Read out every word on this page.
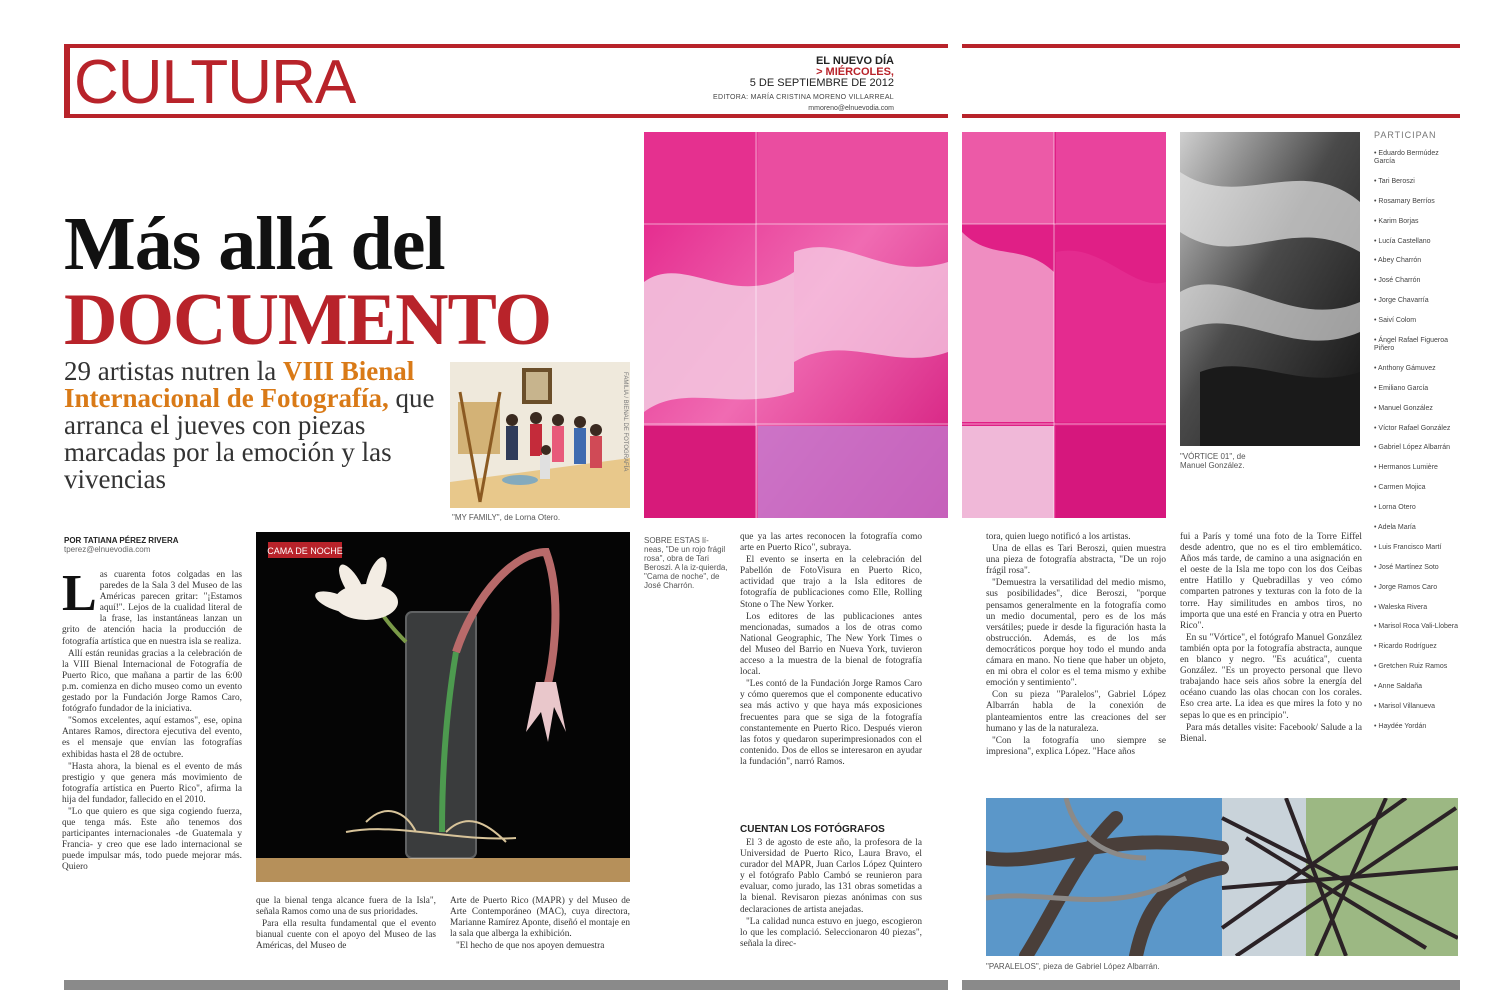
CULTURA	EL NUEVO DÍA
> MIÉRCOLES,
5 DE SEPTIEMBRE DE 2012
EDITORA: MARÍA CRISTINA MORENO VILLARREAL
mmoreno@elnuevodia.com
Más allá del
DOCUMENTO
29 artistas nutren la VIII Bienal Internacional de Fotografía, que arranca el jueves con piezas marcadas por la emoción y las vivencias
FAMILIA / BIENAL DE FOTOGRAFÍA
"MY FAMILY", de Lorna Otero.
"VÓRTICE 01", de Manuel González.
PARTICIPAN
• Eduardo Bermúdez García
• Tari Beroszi
• Rosamary Berríos
• Karim Borjas
• Lucía Castellano
• Abey Charrón
• José Charrón
• Jorge Chavarría
• Saiví Colom
• Ángel Rafael Figueroa Piñero
• Anthony Gámuvez
• Emiliano García
• Manuel González
• Víctor Rafael González
• Gabriel López Albarrán
• Hermanos Lumière
• Carmen Mojica
• Lorna Otero
• Adela María
• Luis Francisco Martí
• José Martínez Soto
• Jorge Ramos Caro
• Waleska Rivera
• Marisol Roca Vali-Llobera
• Ricardo Rodríguez
• Gretchen Ruiz Ramos
• Anne Saldaña
• Marisol Villanueva
• Haydée Yordán
POR TATIANA PÉREZ RIVERA
tperez@elnuevodia.com

Las cuarenta fotos colgadas en las paredes de la Sala 3 del Museo de las Américas parecen gritar: "¡Estamos aquí!". Lejos de la cualidad literal de la frase, las instantáneas lanzan un grito de atención hacia la producción de fotografía artística que en nuestra isla se realiza.

Allí están reunidas gracias a la celebración de la VIII Bienal Internacional de Fotografía de Puerto Rico, que mañana a partir de las 6:00 p.m. comienza en dicho museo como un evento gestado por la Fundación Jorge Ramos Caro, fotógrafo fundador de la iniciativa.

"Somos excelentes, aquí estamos", ese, opina Antares Ramos, directora ejecutiva del evento, es el mensaje que envían las fotografías exhibidas hasta el 28 de octubre.

"Hasta ahora, la bienal es el evento de más prestigio y que genera más movimiento de fotografía artística en Puerto Rico", afirma la hija del fundador, fallecido en el 2010.

"Lo que quiero es que siga cogiendo fuerza, que tenga más. Este año tenemos dos participantes internacionales -de Guatemala y Francia- y creo que ese lado internacional se puede impulsar más, todo puede mejorar más. Quiero

CAMA DE NOCHE

que la bienal tenga alcance fuera de la Isla", señala Ramos como una de sus prioridades.

Para ella resulta fundamental que el evento bianual cuente con el apoyo del Museo de las Américas, del Museo de

Arte de Puerto Rico (MAPR) y del Museo de Arte Contemporáneo (MAC), cuya directora, Marianne Ramírez Aponte, diseñó el montaje en la sala que alberga la exhibición.

"El hecho de que nos apoyen demuestra

SOBRE ESTAS lí-neas, "De un rojo frágil rosa", obra de Tari Beroszi. A la iz-quierda, "Cama de noche", de José Charrón.

que ya las artes reconocen la fotografía como arte en Puerto Rico", subraya.

El evento se inserta en la celebración del Pabellón de FotoVisura en Puerto Rico, actividad que trajo a la Isla editores de fotografía de publicaciones como Elle, Rolling Stone o The New Yorker.

Los editores de las publicaciones antes mencionadas, sumados a los de otras como National Geographic, The New York Times o del Museo del Barrio en Nueva York, tuvieron acceso a la muestra de la bienal de fotografía local.

"Les contó de la Fundación Jorge Ramos Caro y cómo queremos que el componente educativo sea más activo y que haya más exposiciones frecuentes para que se siga de la fotografía constantemente en Puerto Rico. Después vieron las fotos y quedaron superimpresionados con el contenido. Dos de ellos se interesaron en ayudar la fundación", narró Ramos.

CUENTAN LOS FOTÓGRAFOS

El 3 de agosto de este año, la profesora de la Universidad de Puerto Rico, Laura Bravo, el curador del MAPR, Juan Carlos López Quintero y el fotógrafo Pablo Cambó se reunieron para evaluar, como jurado, las 131 obras sometidas a la bienal. Revisaron piezas anónimas con sus declaraciones de artista anejadas.

"La calidad nunca estuvo en juego, escogieron lo que les complació. Seleccionaron 40 piezas", señala la direc-

tora, quien luego notificó a los artistas.

Una de ellas es Tari Beroszi, quien muestra una pieza de fotografía abstracta, "De un rojo frágil rosa".

"Demuestra la versatilidad del medio mismo, sus posibilidades", dice Beroszi, "porque pensamos generalmente en la fotografía como un medio documental, pero es de los más versátiles; puede ir desde la figuración hasta la obstrucción. Además, es de los más democráticos porque hoy todo el mundo anda cámara en mano. No tiene que haber un objeto, en mi obra el color es el tema mismo y exhibe emoción y sentimiento".

Con su pieza "Paralelos", Gabriel López Albarrán habla de la conexión de planteamientos entre las creaciones del ser humano y las de la naturaleza.

"Con la fotografía uno siempre se impresiona", explica López. "Hace años

fui a París y tomé una foto de la Torre Eiffel desde adentro, que no es el tiro emblemático. Años más tarde, de camino a una asignación en el oeste de la Isla me topo con los dos Ceibas entre Hatillo y Quebradillas y veo cómo comparten patrones y texturas con la foto de la torre. Hay similitudes en ambos tiros, no importa que una esté en Francia y otra en Puerto Rico".

En su "Vórtice", el fotógrafo Manuel González también opta por la fotografía abstracta, aunque en blanco y negro. "Es acuática", cuenta González. "Es un proyecto personal que llevo trabajando hace seis años sobre la energía del océano cuando las olas chocan con los corales. Eso crea arte. La idea es que mires la foto y no sepas lo que es en principio".

Para más detalles visite: Facebook/ Salude a la Bienal.

"PARALELOS", pieza de Gabriel López Albarrán.
